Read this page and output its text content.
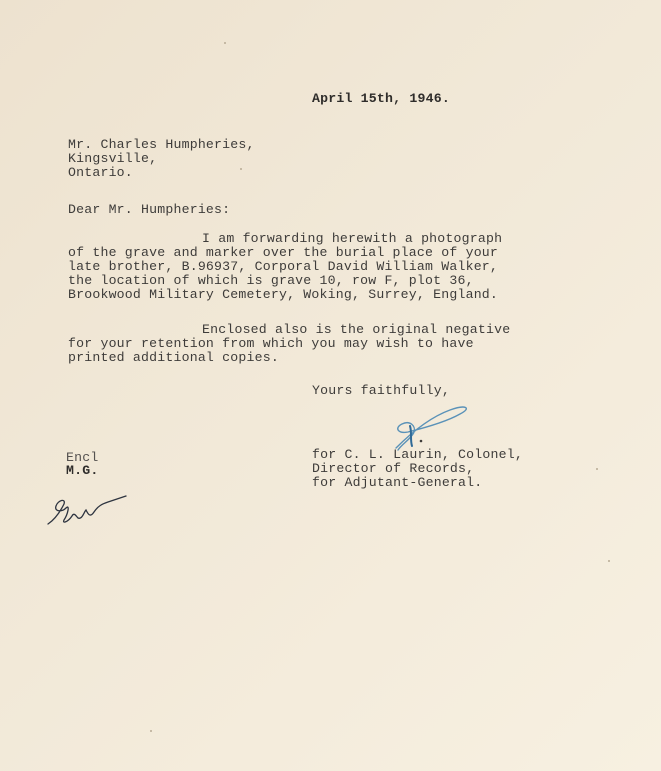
April 15th, 1946.
Mr. Charles Humpheries,
Kingsville,
Ontario.
Dear Mr. Humpheries:
I am forwarding herewith a photograph
of the grave and marker over the burial place of your
late brother, B.96937, Corporal David William Walker,
the location of which is grave 10, row F, plot 36,
Brookwood Military Cemetery, Woking, Surrey, England.
Enclosed also is the original negative
for your retention from which you may wish to have
printed additional copies.
Yours faithfully,
for C. L. Laurin, Colonel,
Director of Records,
for Adjutant-General.
Encl
M.G.
